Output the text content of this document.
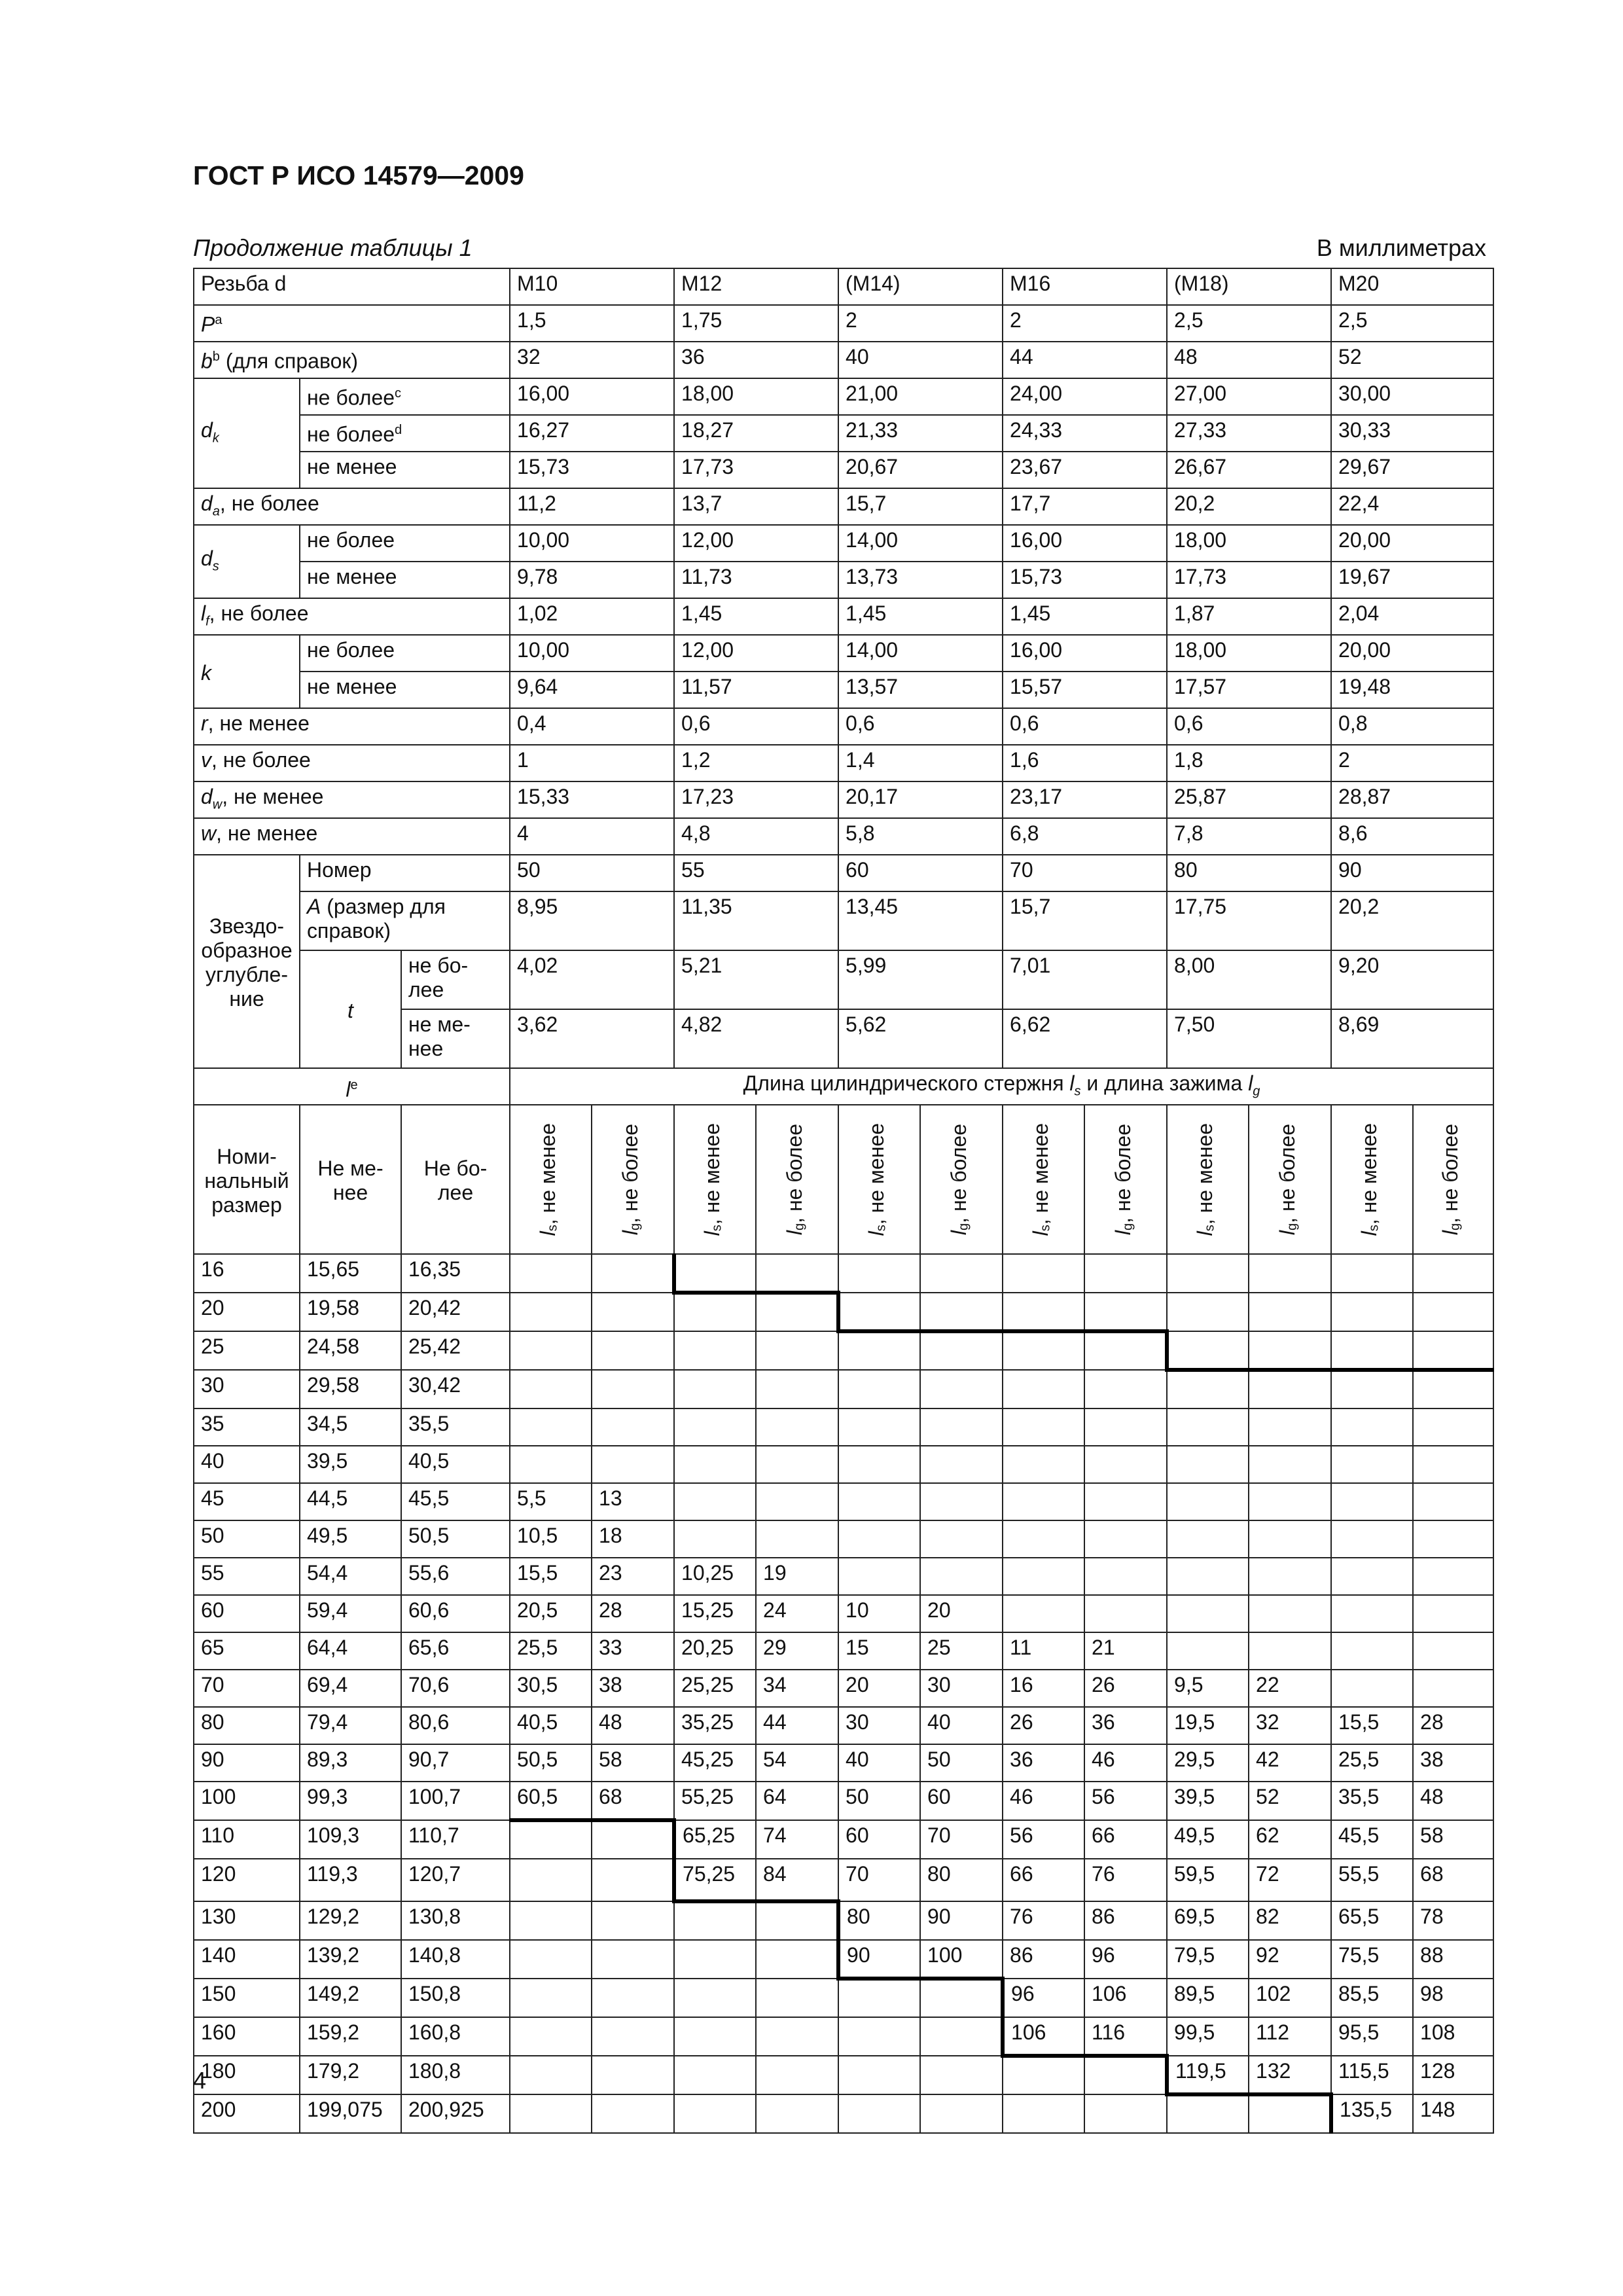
ГОСТ Р ИСО 14579—2009
Продолжение таблицы 1	В миллиметрах
Резьба d			M10		M12		(M14)		M16		(M18)		M20	
$P^a$			1,5		1,75		2		2		2,5		2,5	
$b^b$ (для справок)			32		36		40		44		48		52	
$d_k$	не более$^c$		16,00		18,00		21,00		24,00		27,00		30,00	
	не более$^d$		16,27		18,27		21,33		24,33		27,33		30,33	
	не менее		15,73		17,73		20,67		23,67		26,67		29,67	
$d_a$, не более			11,2		13,7		15,7		17,7		20,2		22,4	
$d_s$	не более		10,00		12,00		14,00		16,00		18,00		20,00	
	не менее		9,78		11,73		13,73		15,73		17,73		19,67	
$l_f$, не более			1,02		1,45		1,45		1,45		1,87		2,04	
k	не более		10,00		12,00		14,00		16,00		18,00		20,00	
	не менее		9,64		11,57		13,57		15,57		17,57		19,48	
r, не менее			0,4		0,6		0,6		0,6		0,6		0,8	
v, не более			1		1,2		1,4		1,6		1,8		2	
$d_w$, не менее			15,33		17,23		20,17		23,17		25,87		28,87	
w, не менее			4		4,8		5,8		6,8		7,8		8,6	
Звездо-образное углубле-ние	Номер		50		55		60		70		80		90	
	A (размер для справок)		8,95		11,35		13,45		15,7		17,75		20,2	
	t	не бо-лее	4,02		5,21		5,99		7,01		8,00		9,20	
		не ме-нее	3,62		4,82		5,62		6,62		7,50		8,69	
$l^e$			Длина цилиндрического стержня $l_s$ и длина зажима $l_g$
Номи-нальный размер	Не ме-нее	Не бо-лее	$l_s$, не менее	$l_g$, не более	$l_s$, не менее	$l_g$, не более	$l_s$, не менее	$l_g$, не более	$l_s$, не менее	$l_g$, не более	$l_s$, не менее	$l_g$, не более	$l_s$, не менее	$l_g$, не более

16	15,65	16,35												
20	19,58	20,42												
25	24,58	25,42												
30	29,58	30,42												
35	34,5	35,5												
40	39,5	40,5												
45	44,5	45,5	5,5	13										
50	49,5	50,5	10,5	18										
55	54,4	55,6	15,5	23	10,25	19								
60	59,4	60,6	20,5	28	15,25	24	10	20						
65	64,4	65,6	25,5	33	20,25	29	15	25	11	21				
70	69,4	70,6	30,5	38	25,25	34	20	30	16	26	9,5	22		
80	79,4	80,6	40,5	48	35,25	44	30	40	26	36	19,5	32	15,5	28
90	89,3	90,7	50,5	58	45,25	54	40	50	36	46	29,5	42	25,5	38
100	99,3	100,7	60,5	68	55,25	64	50	60	46	56	39,5	52	35,5	48
110	109,3	110,7			65,25	74	60	70	56	66	49,5	62	45,5	58
120	119,3	120,7			75,25	84	70	80	66	76	59,5	72	55,5	68
130	129,2	130,8					80	90	76	86	69,5	82	65,5	78
140	139,2	140,8					90	100	86	96	79,5	92	75,5	88
150	149,2	150,8							96	106	89,5	102	85,5	98
160	159,2	160,8							106	116	99,5	112	95,5	108
180	179,2	180,8									119,5	132	115,5	128
200	199,075	200,925											135,5	148
4
